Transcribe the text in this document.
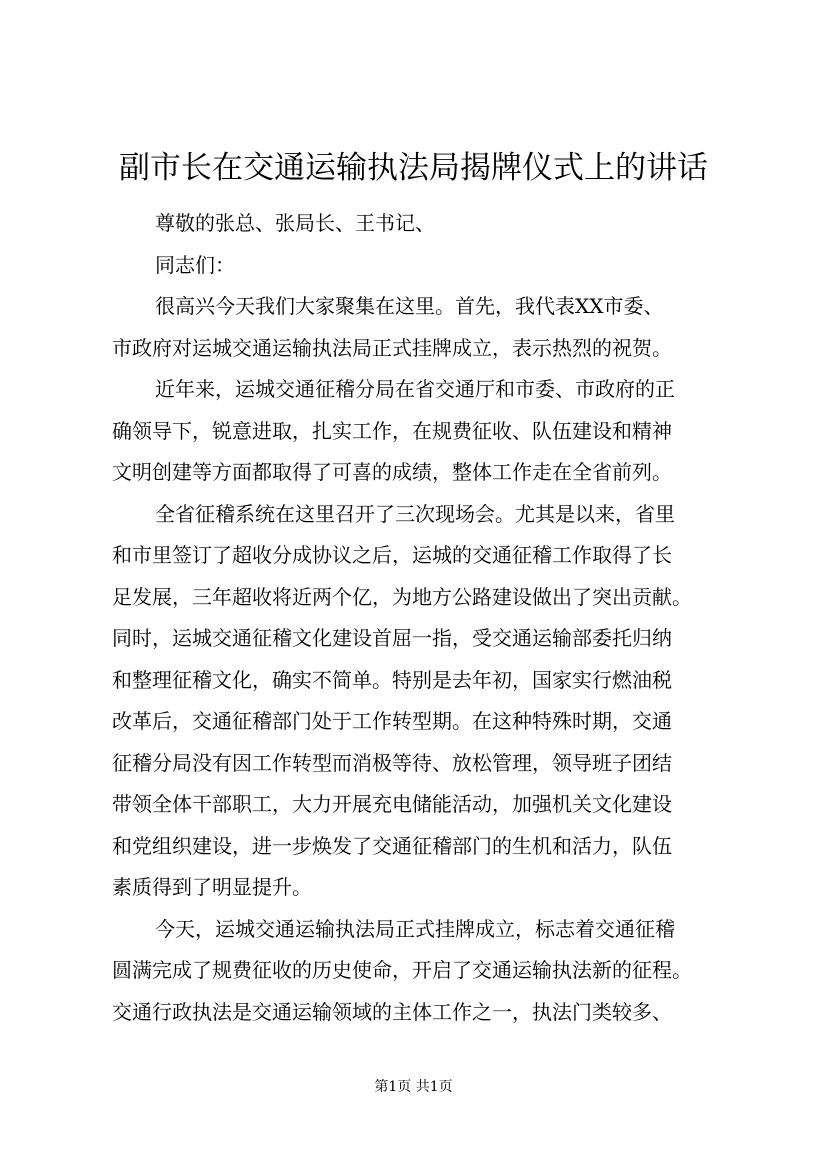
副市长在交通运输执法局揭牌仪式上的讲话
尊敬的张总、张局长、王书记、
同志们：
很高兴今天我们大家聚集在这里。首先，我代表XX市委、
市政府对运城交通运输执法局正式挂牌成立，表示热烈的祝贺。
近年来，运城交通征稽分局在省交通厅和市委、市政府的正
确领导下，锐意进取，扎实工作，在规费征收、队伍建设和精神
文明创建等方面都取得了可喜的成绩，整体工作走在全省前列。
全省征稽系统在这里召开了三次现场会。尤其是以来，省里
和市里签订了超收分成协议之后，运城的交通征稽工作取得了长
足发展，三年超收将近两个亿，为地方公路建设做出了突出贡献。
同时，运城交通征稽文化建设首屈一指，受交通运输部委托归纳
和整理征稽文化，确实不简单。特别是去年初，国家实行燃油税
改革后，交通征稽部门处于工作转型期。在这种特殊时期，交通
征稽分局没有因工作转型而消极等待、放松管理，领导班子团结
带领全体干部职工，大力开展充电储能活动，加强机关文化建设
和党组织建设，进一步焕发了交通征稽部门的生机和活力，队伍
素质得到了明显提升。
今天，运城交通运输执法局正式挂牌成立，标志着交通征稽
圆满完成了规费征收的历史使命，开启了交通运输执法新的征程。
交通行政执法是交通运输领域的主体工作之一，执法门类较多、
第1页 共1页
